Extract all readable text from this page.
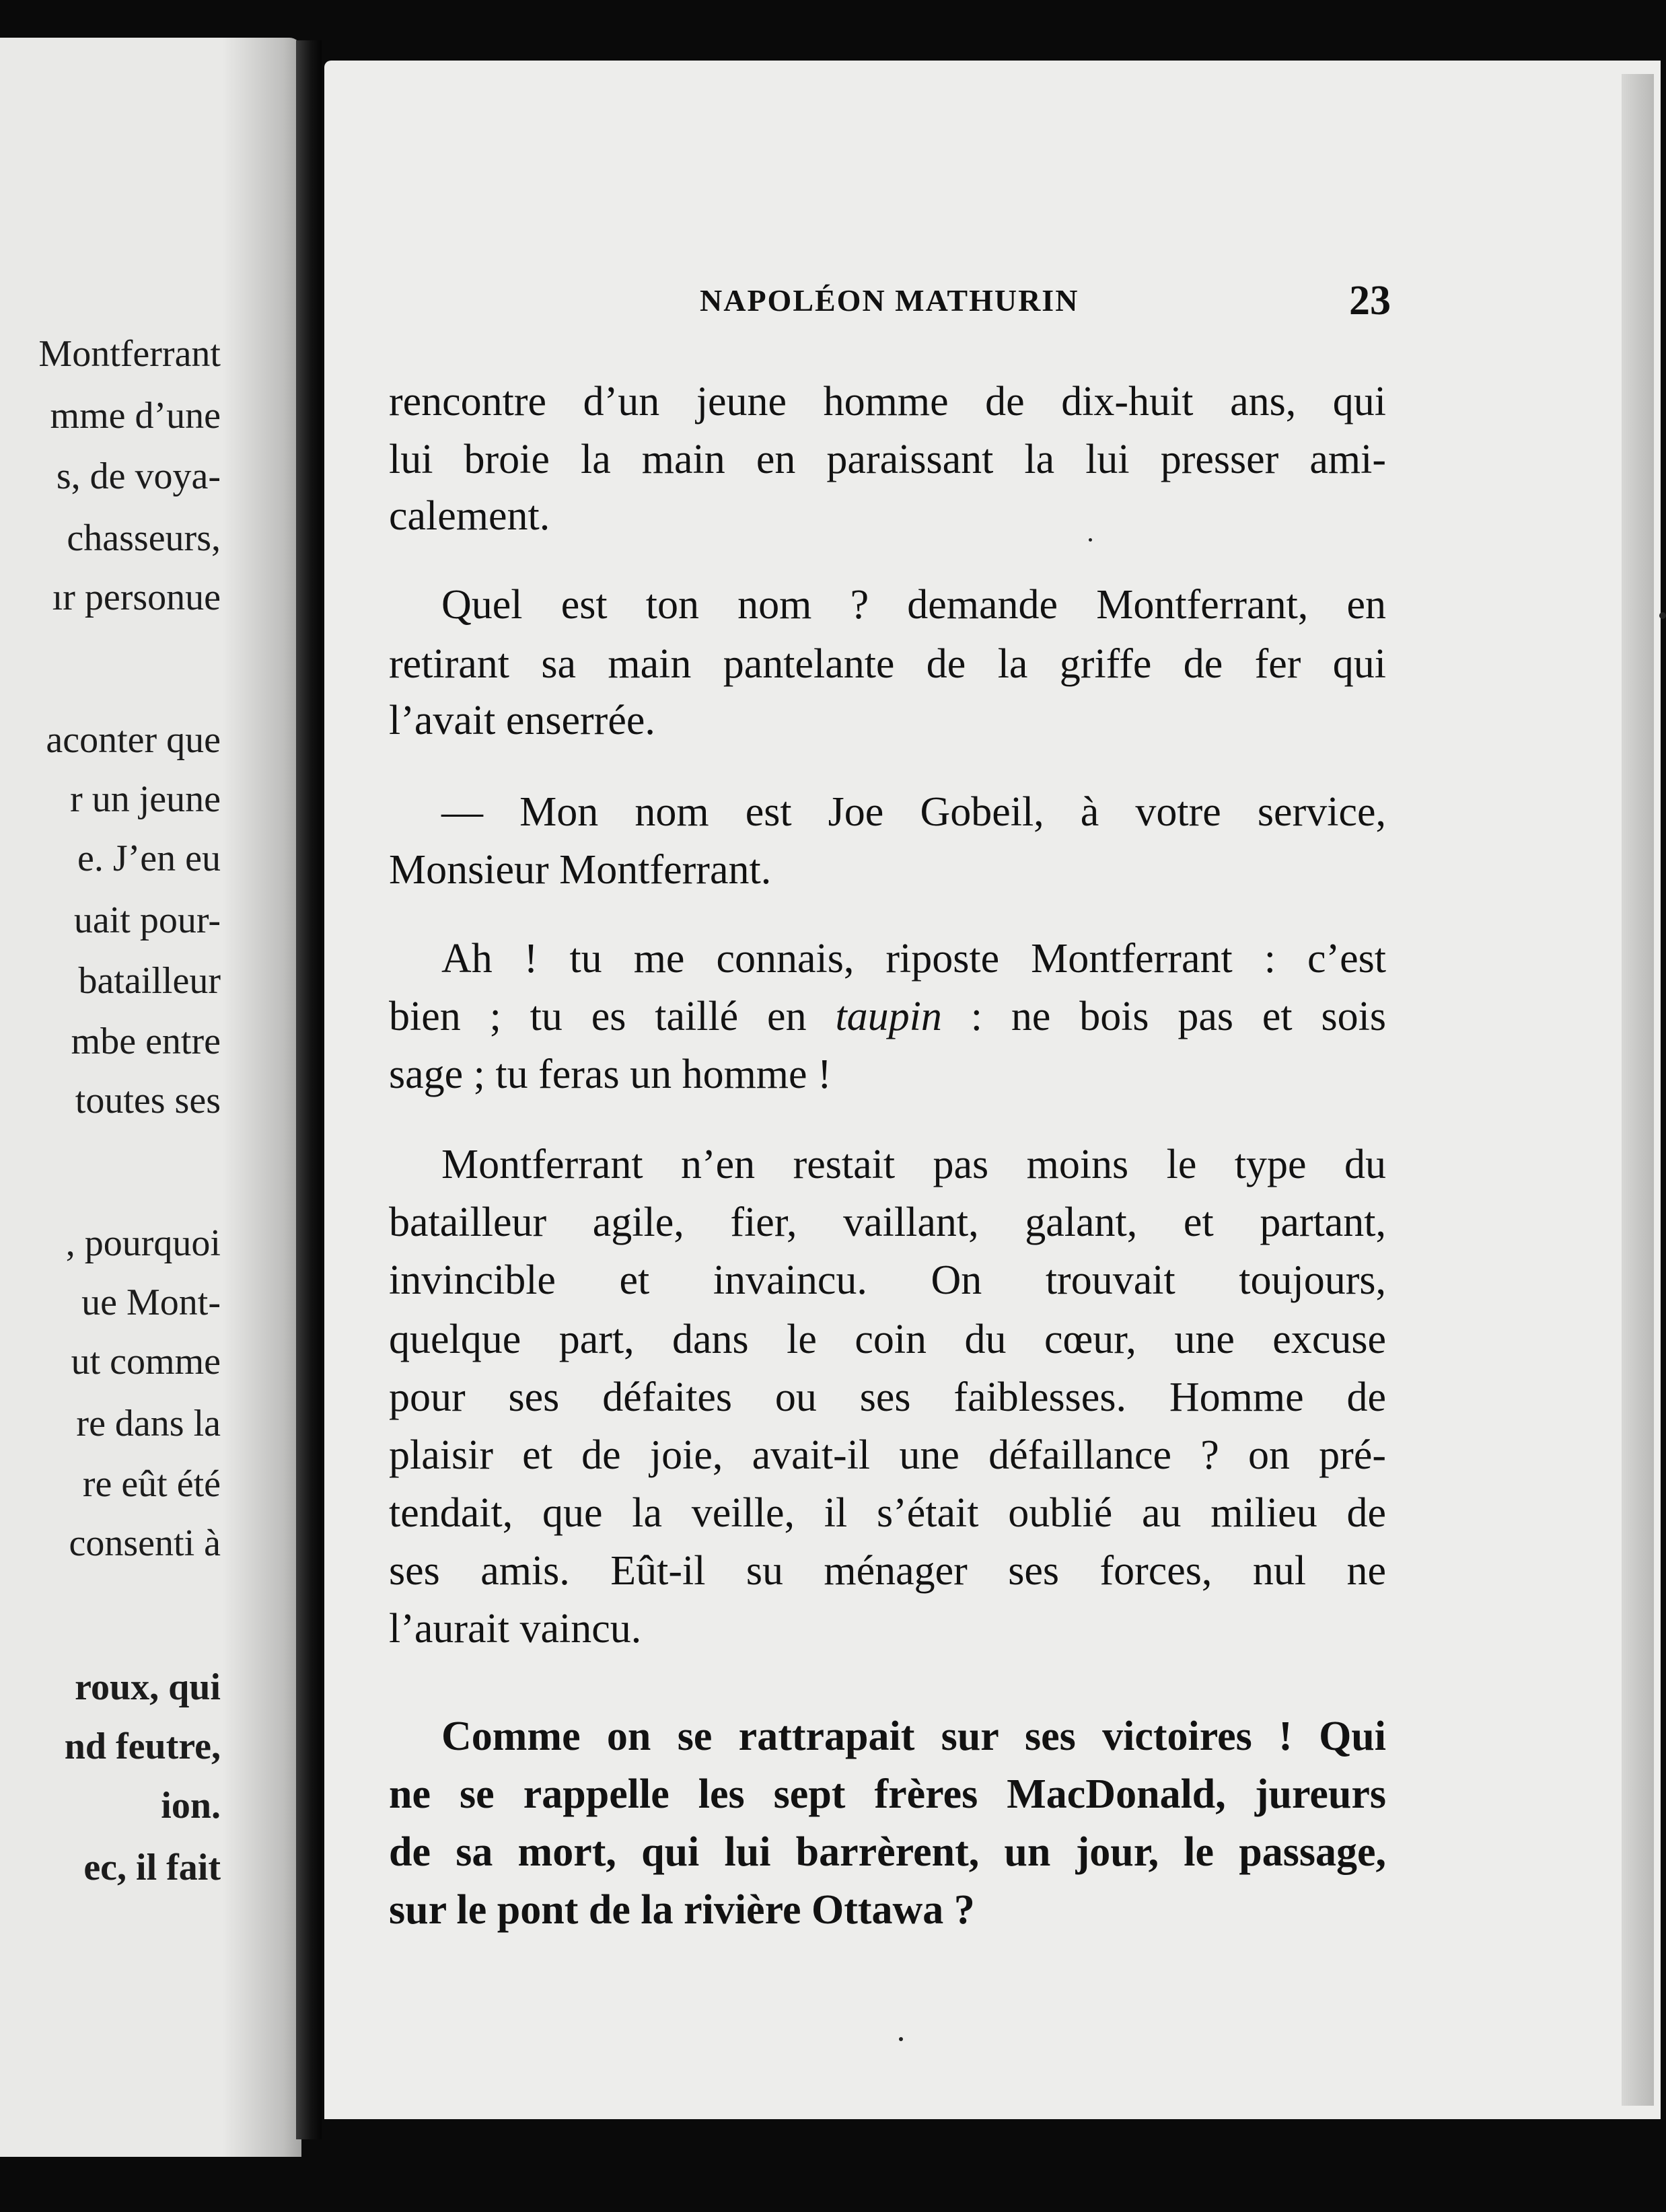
Montferrant
mme d’une
s, de voya-
chasseurs,
ır personue
aconter que
r un jeune
e. J’en eu
uait pour-
batailleur
mbe entre
toutes ses
, pourquoi
ue Mont-
ut comme
re dans la
re eût été
consenti à
roux, qui
nd feutre,
ion.
ec, il fait
NAPOLÉON MATHURIN	23
rencontre d’un jeune homme de dix-huit ans, qui
lui broie la main en paraissant la lui presser ami-
calement.
Quel est ton nom ? demande Montferrant, en
retirant sa main pantelante de la griffe de fer qui
l’avait enserrée.
— Mon nom est Joe Gobeil, à votre service,
Monsieur Montferrant.
Ah ! tu me connais, riposte Montferrant : c’est
bien ; tu es taillé en taupin : ne bois pas et sois
sage ; tu feras un homme !
Montferrant n’en restait pas moins le type du
batailleur agile, fier, vaillant, galant, et partant,
invincible et invaincu. On trouvait toujours,
quelque part, dans le coin du cœur, une excuse
pour ses défaites ou ses faiblesses. Homme de
plaisir et de joie, avait-il une défaillance ? on pré-
tendait, que la veille, il s’était oublié au milieu de
ses amis. Eût-il su ménager ses forces, nul ne
l’aurait vaincu.
Comme on se rattrapait sur ses victoires ! Qui
ne se rappelle les sept frères MacDonald, jureurs
de sa mort, qui lui barrèrent, un jour, le passage,
sur le pont de la rivière Ottawa ?
